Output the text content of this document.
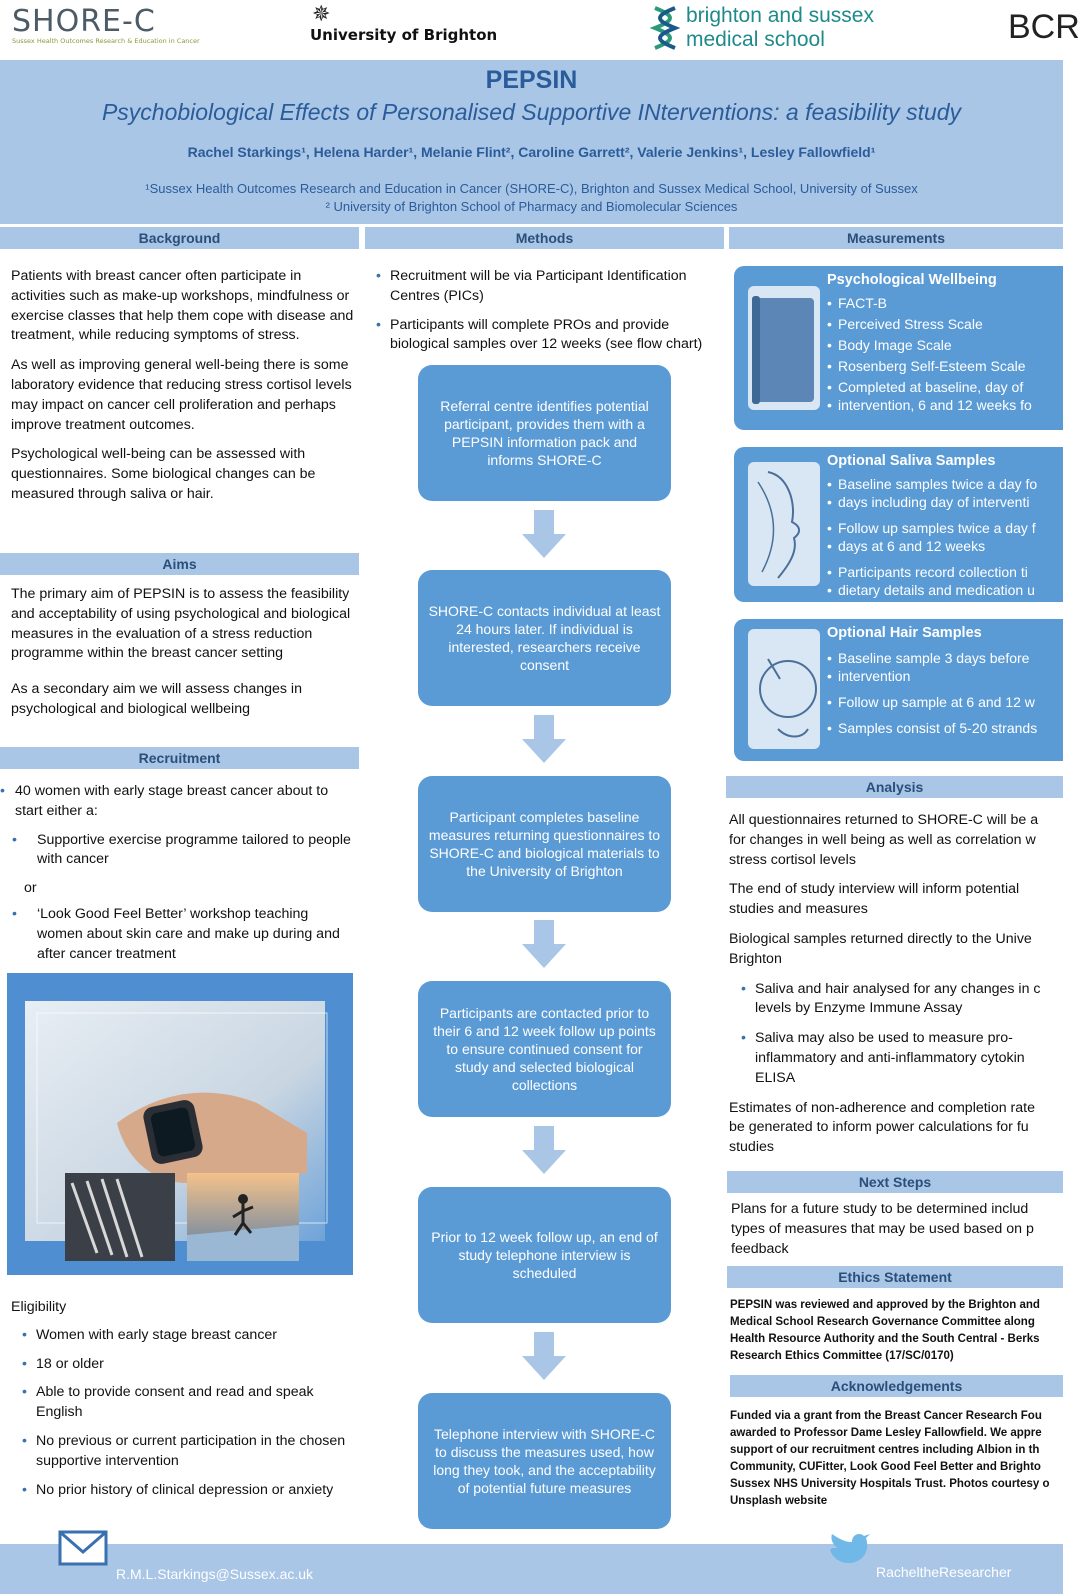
SHORE-C
Sussex Health Outcomes Research & Education in Cancer
✵
University of Brighton
brighton and sussex
medical school	BCR
PEPSIN
Psychobiological Effects of Personalised Supportive INterventions: a feasibility study
Rachel Starkings¹, Helena Harder¹, Melanie Flint², Caroline Garrett², Valerie Jenkins¹, Lesley Fallowfield¹
¹Sussex Health Outcomes Research and Education in Cancer (SHORE-C), Brighton and Sussex Medical School, University of Sussex
² University of Brighton School of Pharmacy and Biomolecular Sciences
Background	Methods	Measurements

Patients with breast cancer often participate in activities such as make-up workshops, mindfulness or exercise classes that help them cope with disease and treatment, while reducing symptoms of stress.

As well as improving general well-being there is some laboratory evidence that reducing stress cortisol levels may impact on cancer cell proliferation and perhaps improve treatment outcomes.

Psychological well-being can be assessed with questionnaires. Some biological changes can be measured through saliva or hair.

Aims

The primary aim of PEPSIN is to assess the feasibility and acceptability of using psychological and biological measures in the evaluation of a stress reduction programme within the breast cancer setting

As a secondary aim we will assess changes in psychological and biological wellbeing

Recruitment
• 40 women with early stage breast cancer about to start either a:
• Supportive exercise programme tailored to people with cancer
or
• ‘Look Good Feel Better’ workshop teaching women about skin care and make up during and after cancer treatment
Eligibility
• Women with early stage breast cancer
• 18 or older
• Able to provide consent and read and speak English
• No previous or current participation in the chosen supportive intervention
• No prior history of clinical depression or anxiety
• Recruitment will be via Participant Identification Centres (PICs)
• Participants will complete PROs and provide biological samples over 12 weeks (see flow chart)
Referral centre identifies potential participant, provides them with a PEPSIN information pack and informs SHORE-C
SHORE-C contacts individual at least 24 hours later. If individual is interested, researchers receive consent
Participant completes baseline measures returning questionnaires to SHORE-C and biological materials to the University of Brighton
Participants are contacted prior to their 6 and 12 week follow up points to ensure continued consent for study and selected biological collections
Prior to 12 week follow up, an end of study telephone interview is scheduled
Telephone interview with SHORE-C to discuss the measures used, how long they took, and the acceptability of potential future measures
Psychological Wellbeing
• FACT-B
• Perceived Stress Scale
• Body Image Scale
• Rosenberg Self-Esteem Scale
• Completed at baseline, day of
• intervention, 6 and 12 weeks fo
Optional Saliva Samples
• Baseline samples twice a day fo
• days including day of interventi
• Follow up samples twice a day f
• days at 6 and 12 weeks
• Participants record collection ti
• dietary details and medication u
Optional Hair Samples
• Baseline sample 3 days before
• intervention
• Follow up sample at 6 and 12 w
• Samples consist of 5-20 strands
Analysis
All questionnaires returned to SHORE-C will be a
for changes in well being as well as correlation w
stress cortisol levels
The end of study interview will inform potential
studies and measures
Biological samples returned directly to the Unive
Brighton
• Saliva and hair analysed for any changes in c
levels by Enzyme Immune Assay
• Saliva may also be used to measure pro-
inflammatory and anti-inflammatory cytokin
ELISA
Estimates of non-adherence and completion rate
be generated to inform power calculations for fu
studies
Next Steps
Plans for a future study to be determined includ
types of measures that may be used based on p
feedback
Ethics Statement
PEPSIN was reviewed and approved by the Brighton and
Medical School Research Governance Committee along
Health Resource Authority and the South Central - Berks
Research Ethics Committee (17/SC/0170)
Acknowledgements
Funded via a grant from the Breast Cancer Research Fou
awarded to Professor Dame Lesley Fallowfield. We appre
support of our recruitment centres including Albion in th
Community, CUFitter, Look Good Feel Better and Brighto
Sussex NHS University Hospitals Trust. Photos courtesy o
Unsplash website
R.M.L.Starkings@Sussex.ac.uk	RacheltheResearcher
